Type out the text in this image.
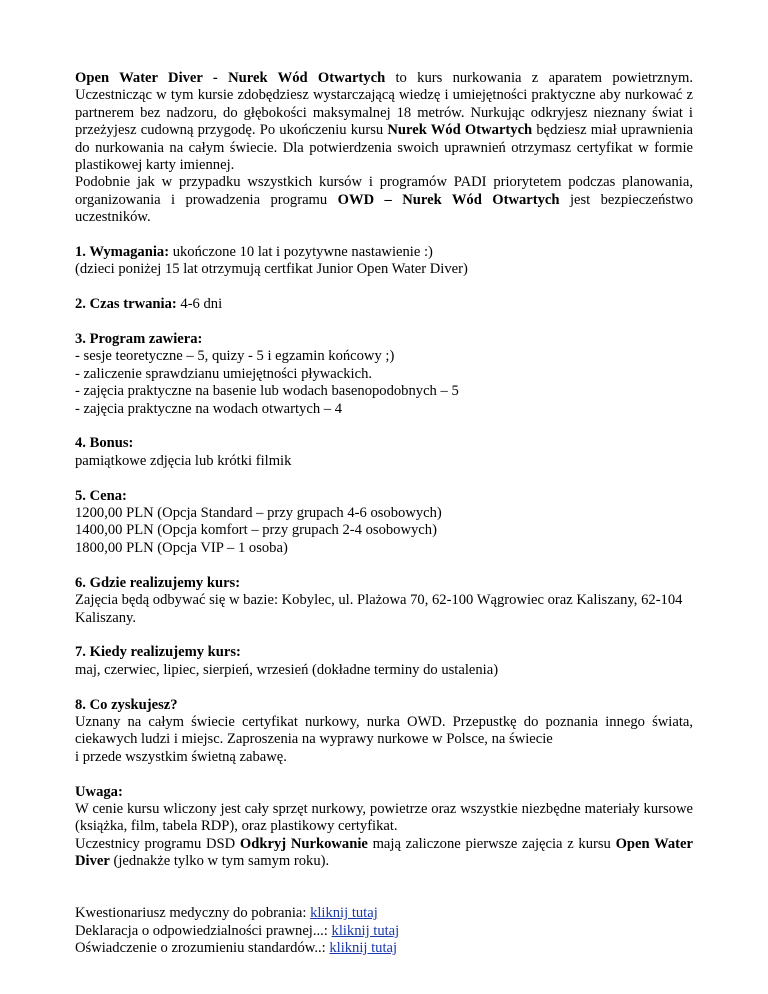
Open Water Diver - Nurek Wód Otwartych to kurs nurkowania z aparatem powietrznym. Uczestnicząc w tym kursie zdobędziesz wystarczającą wiedzę i umiejętności praktyczne aby nurkować z partnerem bez nadzoru, do głębokości maksymalnej 18 metrów. Nurkując odkryjesz nieznany świat i przeżyjesz cudowną przygodę. Po ukończeniu kursu Nurek Wód Otwartych będziesz miał uprawnienia do nurkowania na całym świecie. Dla potwierdzenia swoich uprawnień otrzymasz certyfikat w formie plastikowej karty imiennej.

Podobnie jak w przypadku wszystkich kursów i programów PADI priorytetem podczas planowania, organizowania i prowadzenia programu OWD – Nurek Wód Otwartych jest bezpieczeństwo uczestników.

1. Wymagania: ukończone 10 lat i pozytywne nastawienie :)

(dzieci poniżej 15 lat otrzymują certfikat Junior Open Water Diver)

2. Czas trwania: 4-6 dni

3. Program zawiera:

- sesje teoretyczne – 5, quizy - 5 i egzamin końcowy ;)

- zaliczenie sprawdzianu umiejętności pływackich.

- zajęcia praktyczne na basenie lub wodach basenopodobnych – 5

- zajęcia praktyczne na wodach otwartych – 4

4. Bonus:

pamiątkowe zdjęcia lub krótki filmik

5. Cena:

1200,00 PLN (Opcja Standard – przy grupach 4-6 osobowych)

1400,00 PLN (Opcja komfort – przy grupach 2-4 osobowych)

1800,00 PLN (Opcja VIP – 1 osoba)

6. Gdzie realizujemy kurs:

Zajęcia będą odbywać się w bazie: Kobylec, ul. Plażowa 70, 62-100 Wągrowiec oraz Kaliszany, 62-104 Kaliszany.

7. Kiedy realizujemy kurs:

maj, czerwiec, lipiec, sierpień, wrzesień (dokładne terminy do ustalenia)

8. Co zyskujesz?

Uznany na całym świecie certyfikat nurkowy, nurka OWD. Przepustkę do poznania innego świata, ciekawych ludzi i miejsc. Zaproszenia na wyprawy nurkowe w Polsce, na świecie

i przede wszystkim świetną zabawę.

Uwaga:

W cenie kursu wliczony jest cały sprzęt nurkowy, powietrze oraz wszystkie niezbędne materiały kursowe (książka, film, tabela RDP), oraz plastikowy certyfikat.

Uczestnicy programu DSD Odkryj Nurkowanie mają zaliczone pierwsze zajęcia z kursu Open Water Diver (jednakże tylko w tym samym roku).

Kwestionariusz medyczny do pobrania: kliknij tutaj

Deklaracja o odpowiedzialności prawnej...: kliknij tutaj

Oświadczenie o zrozumieniu standardów..: kliknij tutaj
